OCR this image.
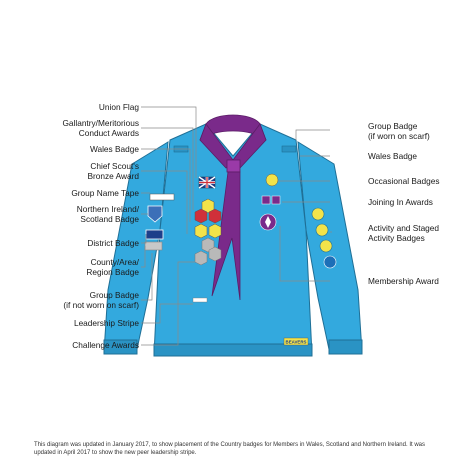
BEAVERS
Union Flag
Gallantry/Meritorious
Conduct Awards
Wales Badge
Chief Scout's
Bronze Award
Group Name Tape
Northern Ireland/
Scotland Badge
District Badge
County/Area/
Region Badge
Group Badge
(if not worn on scarf)
Leadership Stripe
Challenge Awards
Group Badge
(if worn on scarf)
Wales Badge
Occasional Badges
Joining In Awards
Activity and Staged
Activity Badges
Membership Award
This diagram was updated in January 2017, to show placement of the Country badges for Members in Wales, Scotland and Northern Ireland. It was updated in April 2017 to show the new peer leadership stripe.
